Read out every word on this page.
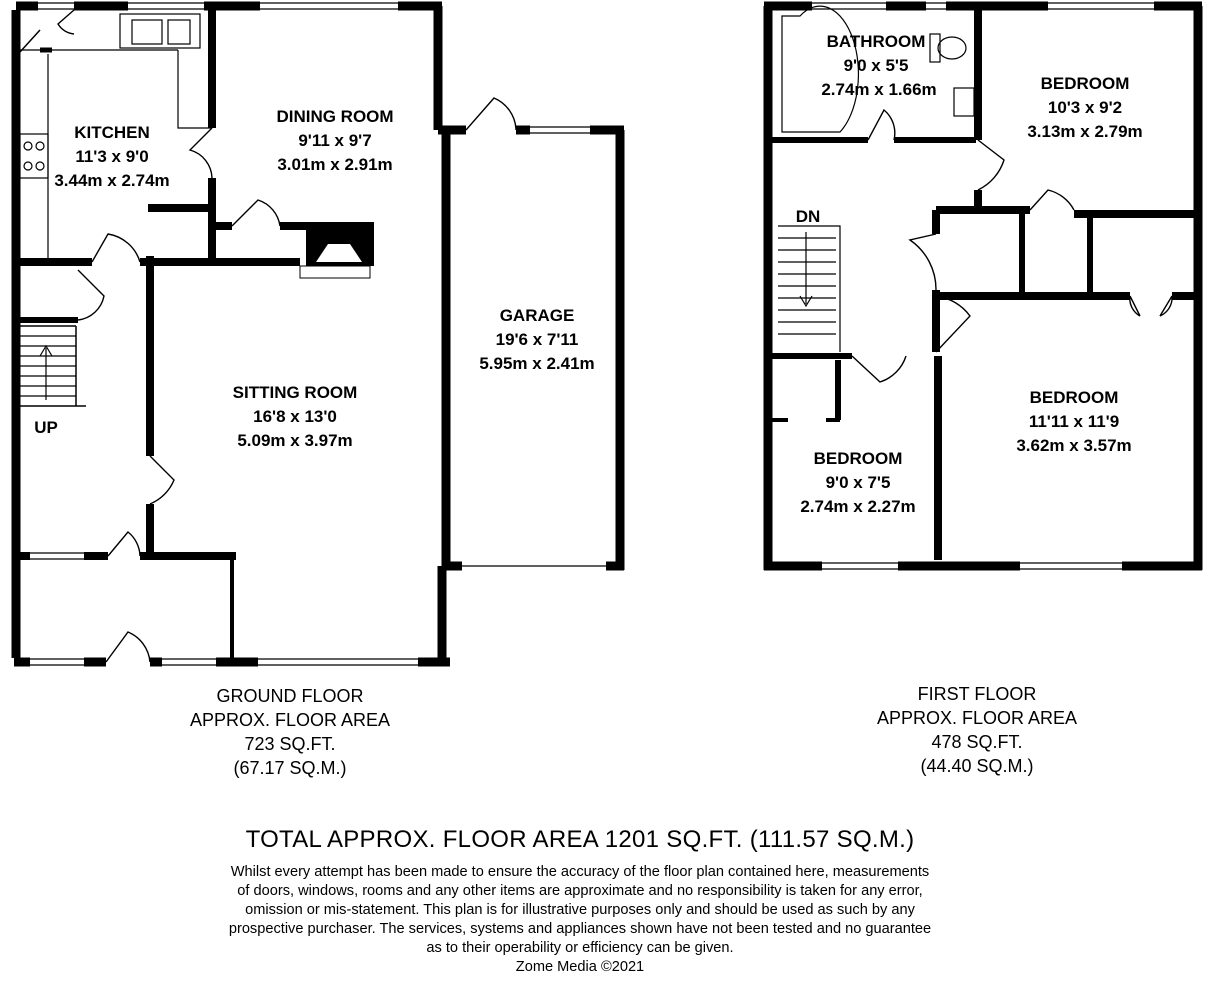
KITCHEN
11'3 x 9'0
3.44m x 2.74m
DINING ROOM
9'11 x 9'7
3.01m x 2.91m
SITTING ROOM
16'8 x 13'0
5.09m x 3.97m
GARAGE
19'6 x 7'11
5.95m x 2.41m
BATHROOM
9'0 x 5'5
2.74m x 1.66m	BEDROOM
10'3 x 9'2
3.13m x 2.79m
BEDROOM
11'11 x 11'9
3.62m x 3.57m
BEDROOM
9'0 x 7'5
2.74m x 2.27m
UP
DN
GROUND FLOOR
APPROX. FLOOR AREA
723 SQ.FT.
(67.17 SQ.M.)
FIRST FLOOR
APPROX. FLOOR AREA
478 SQ.FT.
(44.40 SQ.M.)
TOTAL APPROX. FLOOR AREA 1201 SQ.FT. (111.57 SQ.M.)
Whilst every attempt has been made to ensure the accuracy of the floor plan contained here, measurements
of doors, windows, rooms and any other items are approximate and no responsibility is taken for any error,
omission or mis-statement. This plan is for illustrative purposes only and should be used as such by any
prospective purchaser. The services, systems and appliances shown have not been tested and no guarantee
as to their operability or efficiency can be given.
Zome Media ©2021
